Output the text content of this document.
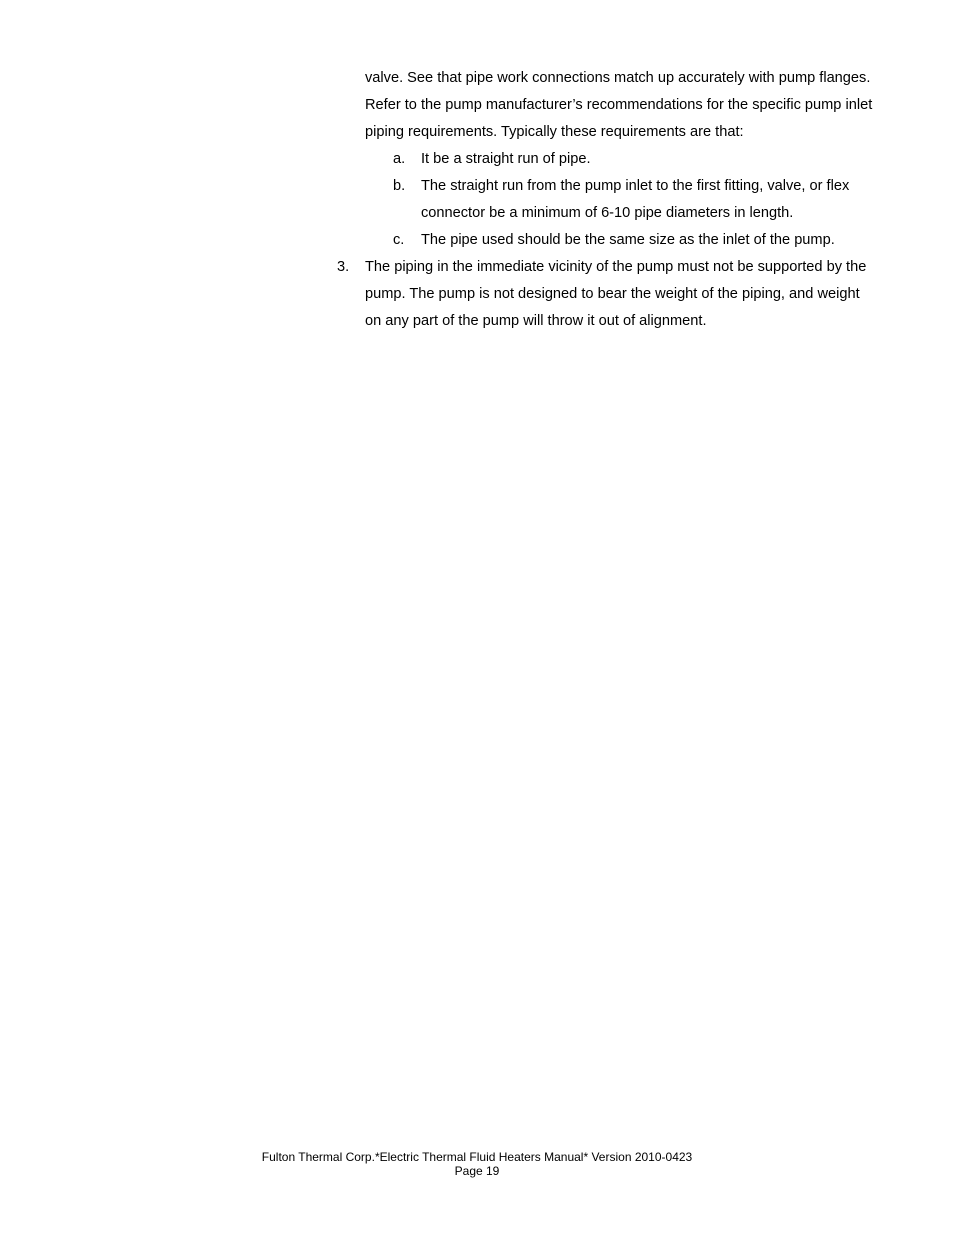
valve. See that pipe work connections match up accurately with pump flanges. Refer to the pump manufacturer’s recommendations for the specific pump inlet piping requirements. Typically these requirements are that:

a. It be a straight run of pipe.
b. The straight run from the pump inlet to the first fitting, valve, or flex connector be a minimum of 6-10 pipe diameters in length.
c. The pipe used should be the same size as the inlet of the pump.
3. The piping in the immediate vicinity of the pump must not be supported by the pump. The pump is not designed to bear the weight of the piping, and weight on any part of the pump will throw it out of alignment.
Fulton Thermal Corp.*Electric Thermal Fluid Heaters Manual* Version 2010-0423
Page 19
